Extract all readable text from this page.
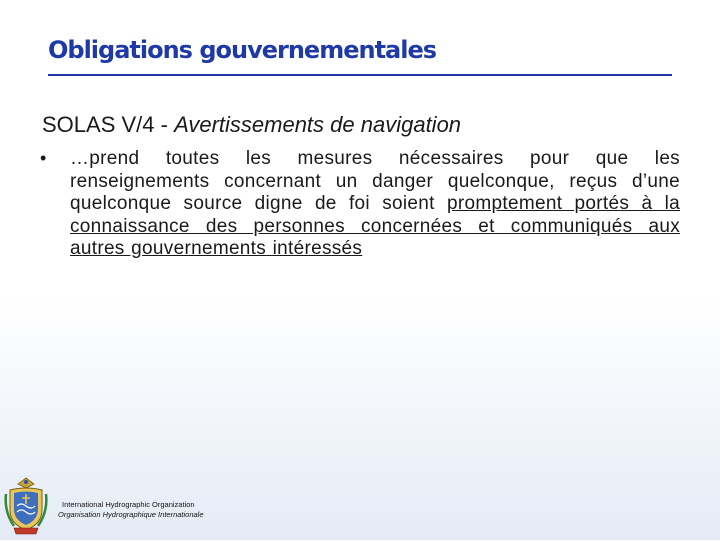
Obligations gouvernementales
SOLAS V/4 - Avertissements de navigation
• …prend toutes les mesures nécessaires pour que les renseignements concernant un danger quelconque, reçus d’une quelconque source digne de foi soient promptement portés à la connaissance des personnes concernées et communiqués aux autres gouvernements intéressés
International Hydrographic Organization
Organisation Hydrographique Internationale
